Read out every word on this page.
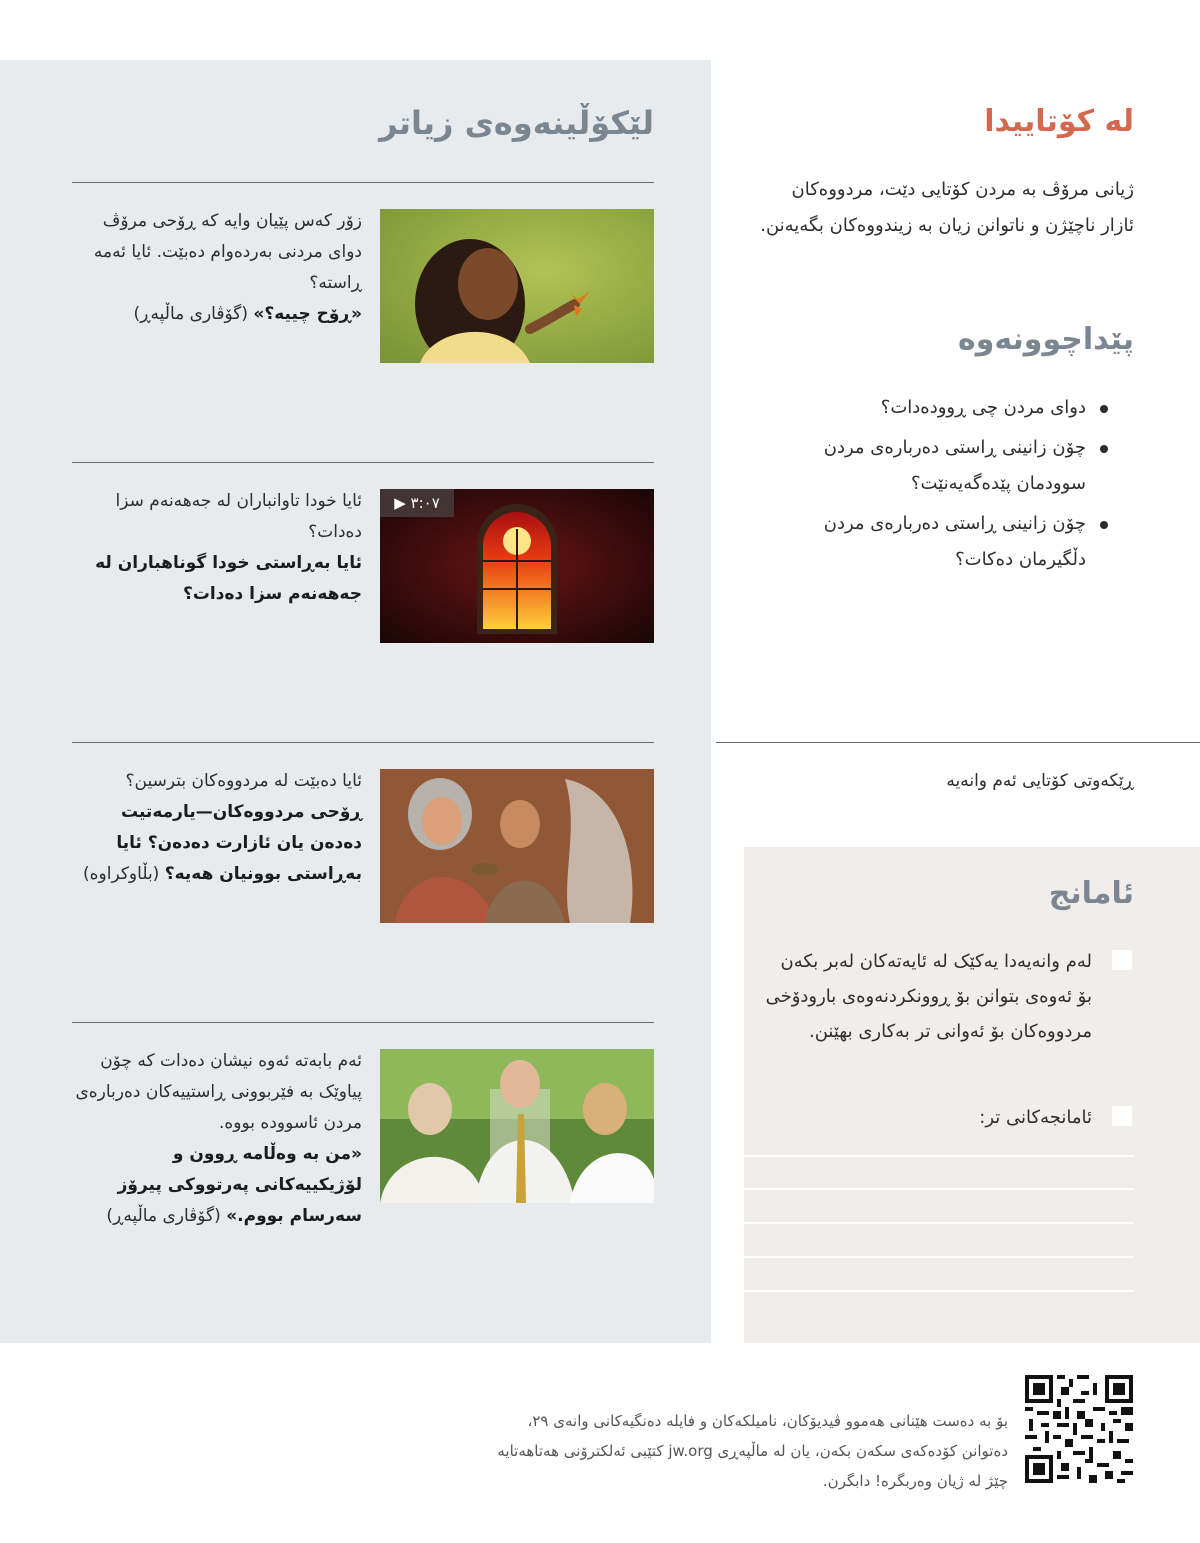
لێکۆڵینەوەی زیاتر
زۆر کەس پێیان وایە کە ڕۆحی مرۆڤ دوای مردنی بەردەوام دەبێت. ئایا ئەمە ڕاستە؟
«ڕۆح چییە؟» (گۆڤاری ماڵپەڕ)
ئایا خودا تاوانباران لە جەهەنەم سزا دەدات؟
ئایا بەڕاستی خودا گوناهباران لە جەهەنەم سزا دەدات؟
▶ ٣:٠٧
ئایا دەبێت لە مردووەکان بترسین؟
ڕۆحی مردووەکان—یارمەتیت دەدەن یان ئازارت دەدەن؟ ئایا بەڕاستی بوونیان هەیە؟ (بڵاوکراوە)
ئەم بابەتە ئەوە نیشان دەدات کە چۆن پیاوێک بە فێربوونی ڕاستییەکان دەربارەی مردن ئاسوودە بووە.
«من بە وەڵامە ڕوون و لۆژیکییەکانی پەرتووکی پیرۆز سەرسام بووم.» (گۆڤاری ماڵپەڕ)
لە کۆتاییدا
ژیانی مرۆڤ بە مردن کۆتایی دێت، مردووەکان ئازار ناچێژن و ناتوانن زیان بە زیندووەکان بگەیەنن.
پێداچوونەوە
دوای مردن چی ڕوودەدات؟
چۆن زانینی ڕاستی دەربارەی مردن سوودمان پێدەگەیەنێت؟
چۆن زانینی ڕاستی دەربارەی مردن دڵگیرمان دەکات؟
ڕێکەوتی کۆتایی ئەم وانەیە
ئامانج
لەم وانەیەدا یەکێک لە ئایەتەکان لەبر بکەن بۆ ئەوەی بتوانن بۆ ڕوونکردنەوەی بارودۆخی مردووەکان بۆ ئەوانی تر بەکاری بهێنن.
ئامانجەکانی تر:
بۆ بە دەست هێنانی هەموو ڤیدیۆکان، نامیلکەکان و فایلە دەنگیەکانی وانەی ٢٩، دەتوانن کۆدەکەی سکەن بکەن، یان لە ماڵپەڕی jw.org کتێبی ئەلکترۆنی هەتاهەتایە چێژ لە ژیان وەربگرە! دابگرن.
